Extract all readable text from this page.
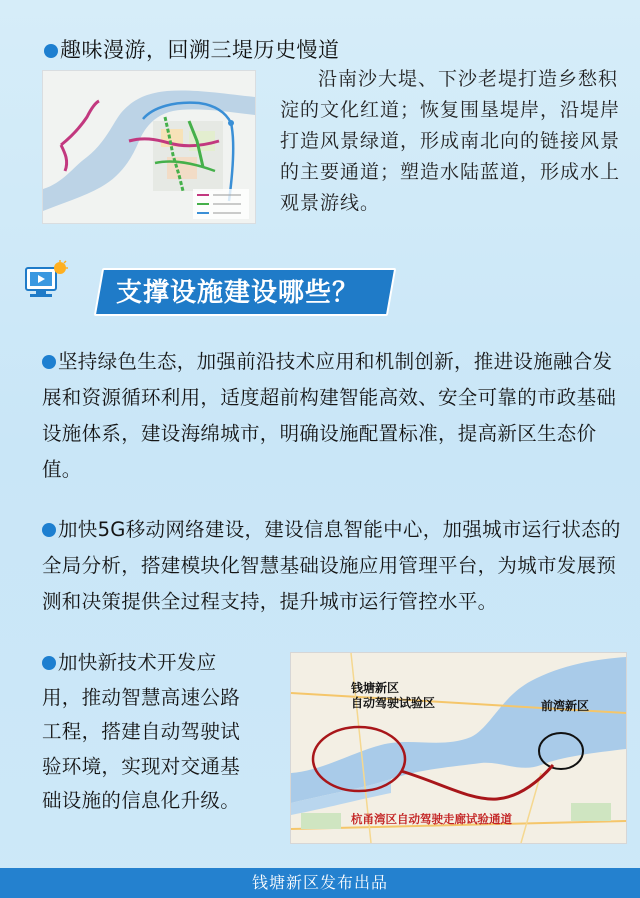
趣味漫游，回溯三堤历史慢道
沿南沙大堤、下沙老堤打造乡愁积淀的文化红道；恢复围垦堤岸，沿堤岸打造风景绿道，形成南北向的链接风景的主要通道；塑造水陆蓝道，形成水上观景游线。
支撑设施建设哪些？
坚持绿色生态，加强前沿技术应用和机制创新，推进设施融合发展和资源循环利用，适度超前构建智能高效、安全可靠的市政基础设施体系，建设海绵城市，明确设施配置标准，提高新区生态价值。
加快5G移动网络建设，建设信息智能中心，加强城市运行状态的全局分析，搭建模块化智慧基础设施应用管理平台，为城市发展预测和决策提供全过程支持，提升城市运行管控水平。
加快新技术开发应用，推动智慧高速公路工程，搭建自动驾驶试验环境，实现对交通基础设施的信息化升级。
钱塘新区
自动驾驶试验区	前湾新区
杭甬湾区自动驾驶走廊试验通道
钱塘新区发布出品
